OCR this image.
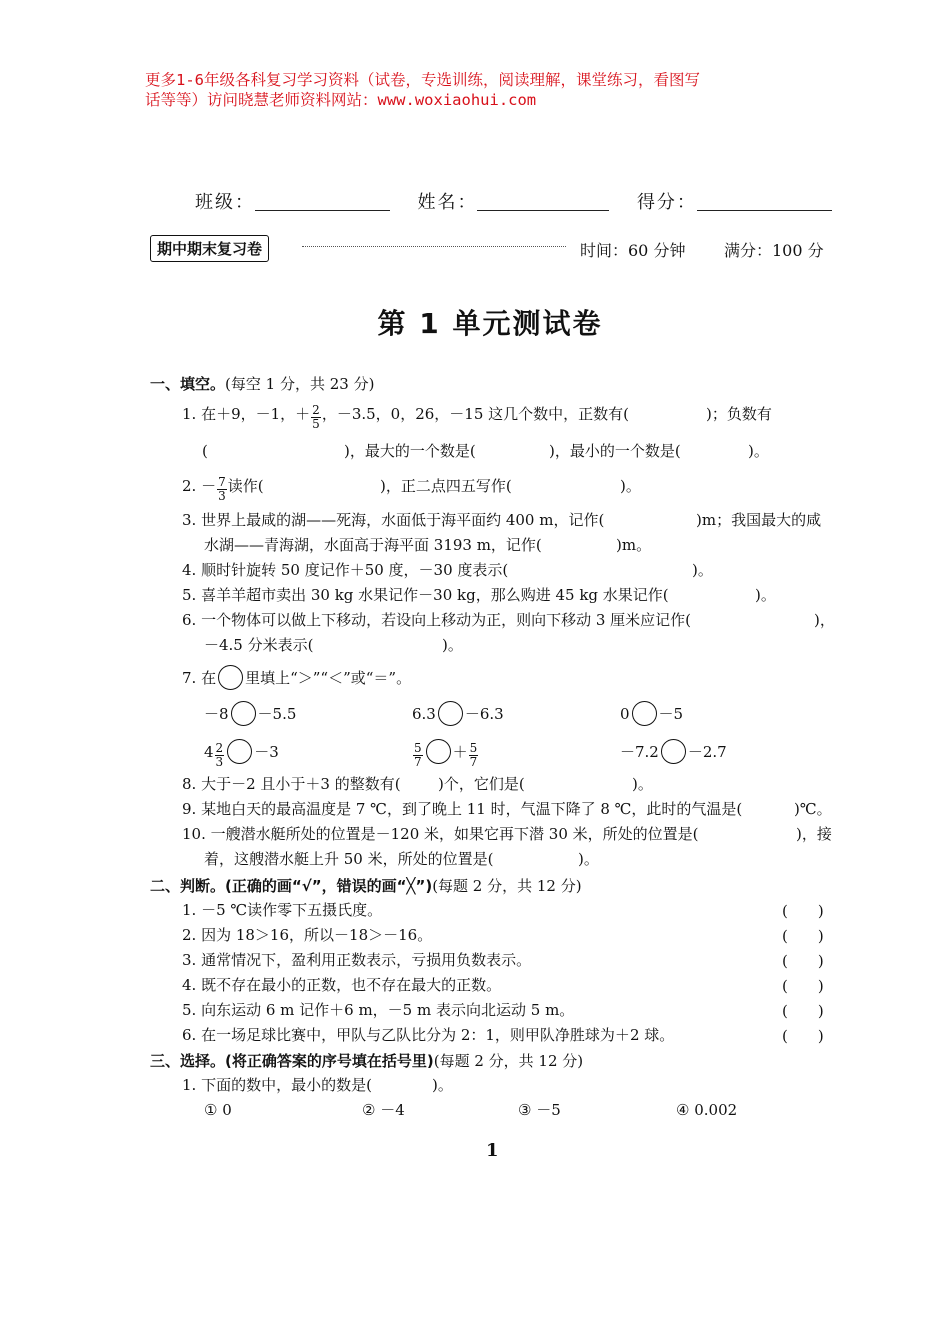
更多1-6年级各科复习学习资料（试卷，专选训练，阅读理解，课堂练习，看图写
话等等）访问晓慧老师资料网站：www.woxiaohui.com
班级：	姓名：	得分：
期中期末复习卷	时间：60 分钟 满分：100 分
第 1 单元测试卷
一、填空。(每空 1 分，共 23 分)
1. 在＋9，－1，＋ $\frac{2}{5}$ ，－3.5，0，26，－15 这几个数中，正数有(	)；负数有
(	)，最大的一个数是(	)，最小的一个数是(	)。
2. － $\frac{7}{3}$ 读作(	)，正二点四五写作(	)。
3. 世界上最咸的湖——死海，水面低于海平面约 400 m，记作(	)m；我国最大的咸
水湖——青海湖，水面高于海平面 3193 m，记作(	)m。
4. 顺时针旋转 50 度记作＋50 度，－30 度表示(	)。
5. 喜羊羊超市卖出 30 kg 水果记作－30 kg，那么购进 45 kg 水果记作(	)。
6. 一个物体可以做上下移动，若设向上移动为正，则向下移动 3 厘米应记作(	)，
－4.5 分米表示(	)。
7. 在 里填上“＞”“＜”或“＝”。
－8 －5.5	6.3 －6.3	0 －5
$4 \frac{2}{3} -3$	$\frac{5}{7} + \frac{5}{7}$	－7.2 －2.7
8. 大于－2 且小于＋3 的整数有( )个，它们是(	)。
9. 某地白天的最高温度是 7 ℃，到了晚上 11 时，气温下降了 8 ℃，此时的气温是(	)℃。
10. 一艘潜水艇所处的位置是－120 米，如果它再下潜 30 米，所处的位置是(	)，接
着，这艘潜水艇上升 50 米，所处的位置是(	)。
二、判断。(正确的画“√”，错误的画“╳”)(每题 2 分，共 12 分)
1. －5 ℃读作零下五摄氏度。	(　　)
2. 因为 18＞16，所以－18＞－16。	(　　)
3. 通常情况下，盈利用正数表示，亏损用负数表示。	(　　)
4. 既不存在最小的正数，也不存在最大的正数。	(　　)
5. 向东运动 6 m 记作＋6 m，－5 m 表示向北运动 5 m。	(　　)
6. 在一场足球比赛中，甲队与乙队比分为 2：1，则甲队净胜球为＋2 球。	(　　)
三、选择。(将正确答案的序号填在括号里)(每题 2 分，共 12 分)
1. 下面的数中，最小的数是(	)。
① 0	② －4	③ －5	④ 0.002
1
